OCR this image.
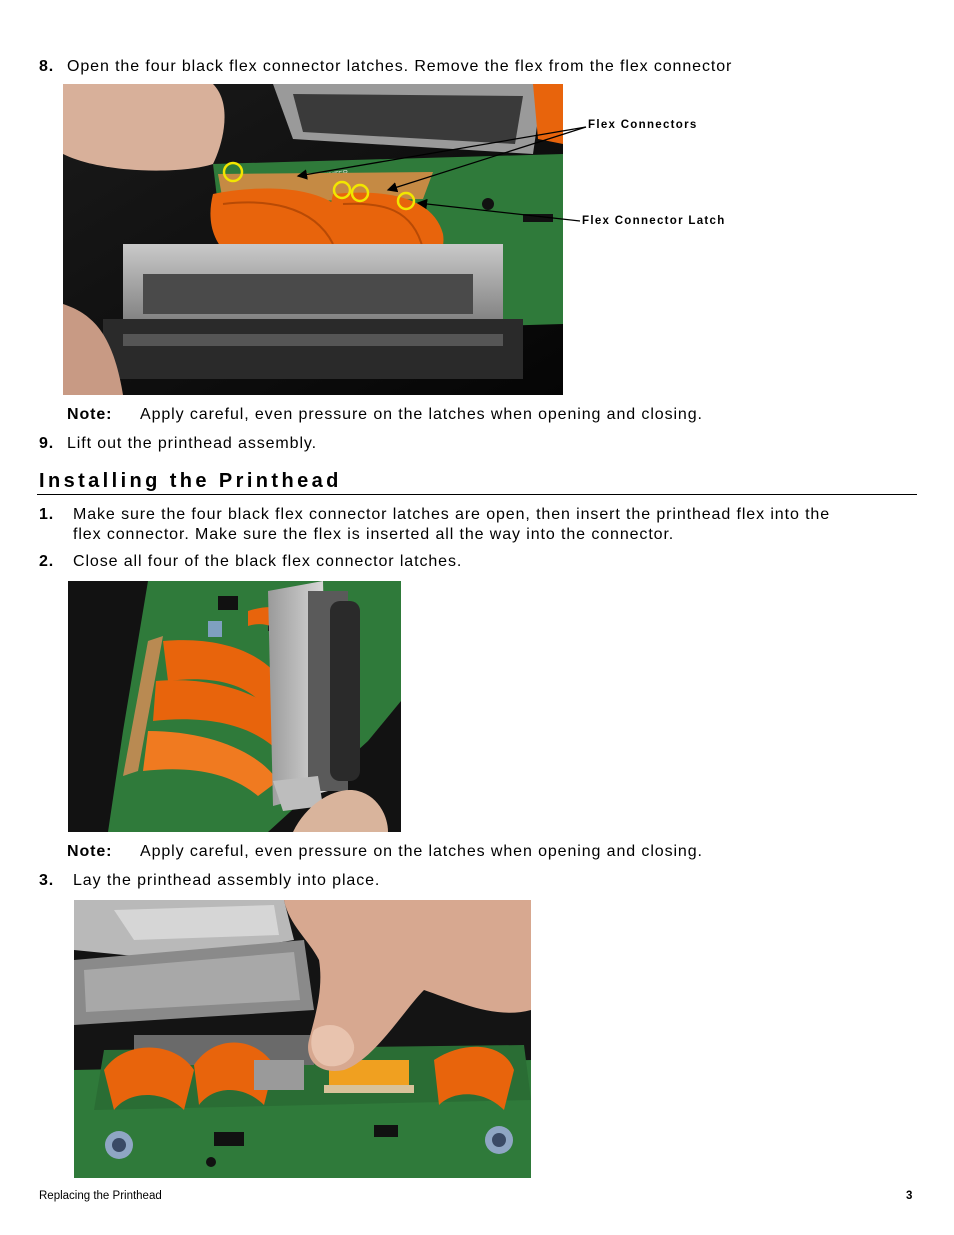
8. Open the four black flex connector latches. Remove the flex from the flex connector
Flex Connectors
Flex Connector Latch
Note: Apply careful, even pressure on the latches when opening and closing.
9. Lift out the printhead assembly.
Installing the Printhead
1. Make sure the four black flex connector latches are open, then insert the printhead flex into the
flex connector. Make sure the flex is inserted all the way into the connector.
2. Close all four of the black flex connector latches.
Note: Apply careful, even pressure on the latches when opening and closing.
3. Lay the printhead assembly into place.
Replacing the Printhead	3
